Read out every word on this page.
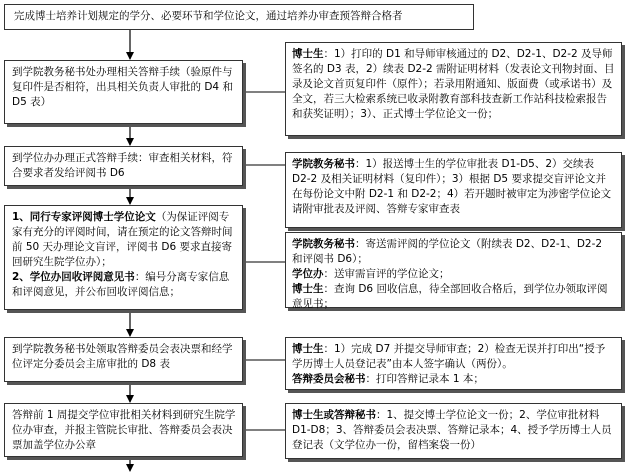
完成博士培养计划规定的学分、必要环节和学位论文，通过培养办审查预答辩合格者
到学院教务秘书处办理相关答辩手续（验原件与复印件是否相符，出具相关负责人审批的 D4 和 D5 表）
到学位办办理正式答辩手续：审查相关材料，符合要求者发给评阅书 D6
1、同行专家评阅博士学位论文（为保证评阅专家有充分的评阅时间，请在预定的论文答辩时间前 50 天办理论文盲评，评阅书 D6 要求直接寄回研究生院学位办）；
2、学位办回收评阅意见书：编号分离专家信息和评阅意见，并公布回收评阅信息；
到学院教务秘书处领取答辩委员会表决票和经学位评定分委员会主席审批的 D8 表
答辩前 1 周提交学位审批相关材料到研究生院学位办审查，并报主管院长审批、答辩委员会表决票加盖学位办公章
博士生：1）打印的 D1 和导师审核通过的 D2、D2-1、D2-2 及导师签名的 D3 表，2）续表 D2-2 需附证明材料（发表论文刊物封面、目录及论文首页复印件（原件）；若录用附通知、版面费（或承诺书）及全文，若三大检索系统已收录附教育部科技查新工作站科技检索报告和获奖证明）；3）、正式博士学位论文一份；
学院教务秘书：1）报送博士生的学位审批表 D1-D5、2）交续表 D2-2 及相关证明材料（复印件）；3）根据 D5 要求提交盲评论文并在每份论文中附 D2-1 和 D2-2；4）若开题时被审定为涉密学位论文请附审批表及评阅、答辩专家审查表
学院教务秘书：寄送需评阅的学位论文（附续表 D2、D2-1、D2-2 和评阅书 D6）；
学位办：送审需盲评的学位论文；
博士生：查询 D6 回收信息，待全部回收合格后，到学位办领取评阅意见书；
博士生：1）完成 D7 并提交导师审查；2）检查无误并打印出“授予学历博士人员登记表”由本人签字确认（两份）。
答辩委员会秘书：打印答辩记录本 1 本；
博士生或答辩秘书：1、提交博士学位论文一份；2、学位审批材料 D1-D8；3、答辩委员会表决票、答辩记录本；4、授予学历博士人员登记表（文学位办一份，留档案袋一份）
